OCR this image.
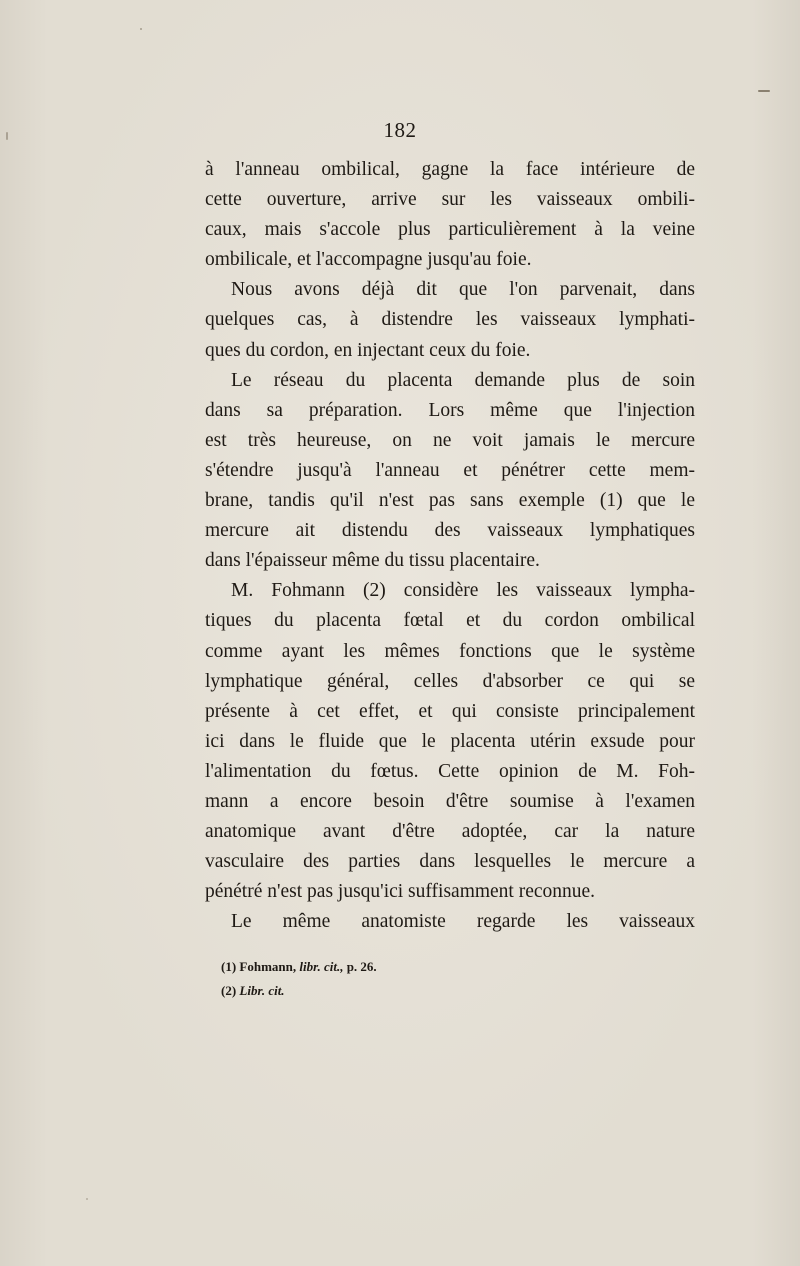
182
à l'anneau ombilical, gagne la face intérieure de
cette ouverture, arrive sur les vaisseaux ombili-
caux, mais s'accole plus particulièrement à la veine
ombilicale, et l'accompagne jusqu'au foie.
Nous avons déjà dit que l'on parvenait, dans
quelques cas, à distendre les vaisseaux lymphati-
ques du cordon, en injectant ceux du foie.
Le réseau du placenta demande plus de soin
dans sa préparation. Lors même que l'injection
est très heureuse, on ne voit jamais le mercure
s'étendre jusqu'à l'anneau et pénétrer cette mem-
brane, tandis qu'il n'est pas sans exemple (1) que le
mercure ait distendu des vaisseaux lymphatiques
dans l'épaisseur même du tissu placentaire.
M. Fohmann (2) considère les vaisseaux lympha-
tiques du placenta fœtal et du cordon ombilical
comme ayant les mêmes fonctions que le système
lymphatique général, celles d'absorber ce qui se
présente à cet effet, et qui consiste principalement
ici dans le fluide que le placenta utérin exsude pour
l'alimentation du fœtus. Cette opinion de M. Foh-
mann a encore besoin d'être soumise à l'examen
anatomique avant d'être adoptée, car la nature
vasculaire des parties dans lesquelles le mercure a
pénétré n'est pas jusqu'ici suffisamment reconnue.
Le même anatomiste regarde les vaisseaux
(1) Fohmann, libr. cit., p. 26.
(2) Libr. cit.
